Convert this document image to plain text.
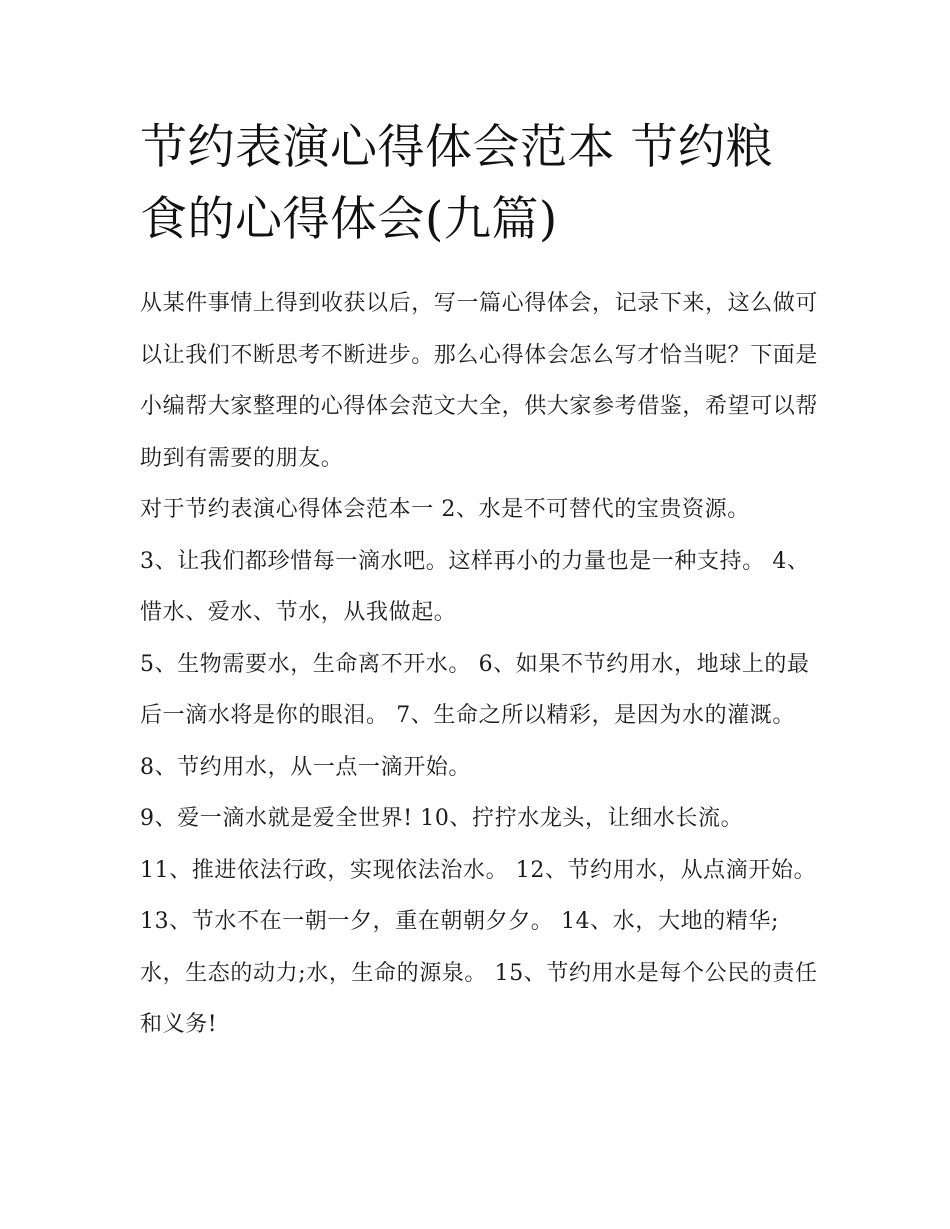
节约表演心得体会范本 节约粮食的心得体会(九篇)

从某件事情上得到收获以后，写一篇心得体会，记录下来，这么做可以让我们不断思考不断进步。那么心得体会怎么写才恰当呢？下面是小编帮大家整理的心得体会范文大全，供大家参考借鉴，希望可以帮助到有需要的朋友。

对于节约表演心得体会范本一 2、水是不可替代的宝贵资源。

3、让我们都珍惜每一滴水吧。这样再小的力量也是一种支持。 4、惜水、爱水、节水，从我做起。

5、生物需要水，生命离不开水。 6、如果不节约用水，地球上的最后一滴水将是你的眼泪。 7、生命之所以精彩，是因为水的灌溉。 8、节约用水，从一点一滴开始。

9、爱一滴水就是爱全世界! 10、拧拧水龙头，让细水长流。

11、推进依法行政，实现依法治水。 12、节约用水，从点滴开始。

13、节水不在一朝一夕，重在朝朝夕夕。 14、水，大地的精华;水，生态的动力;水，生命的源泉。 15、节约用水是每个公民的责任和义务!
